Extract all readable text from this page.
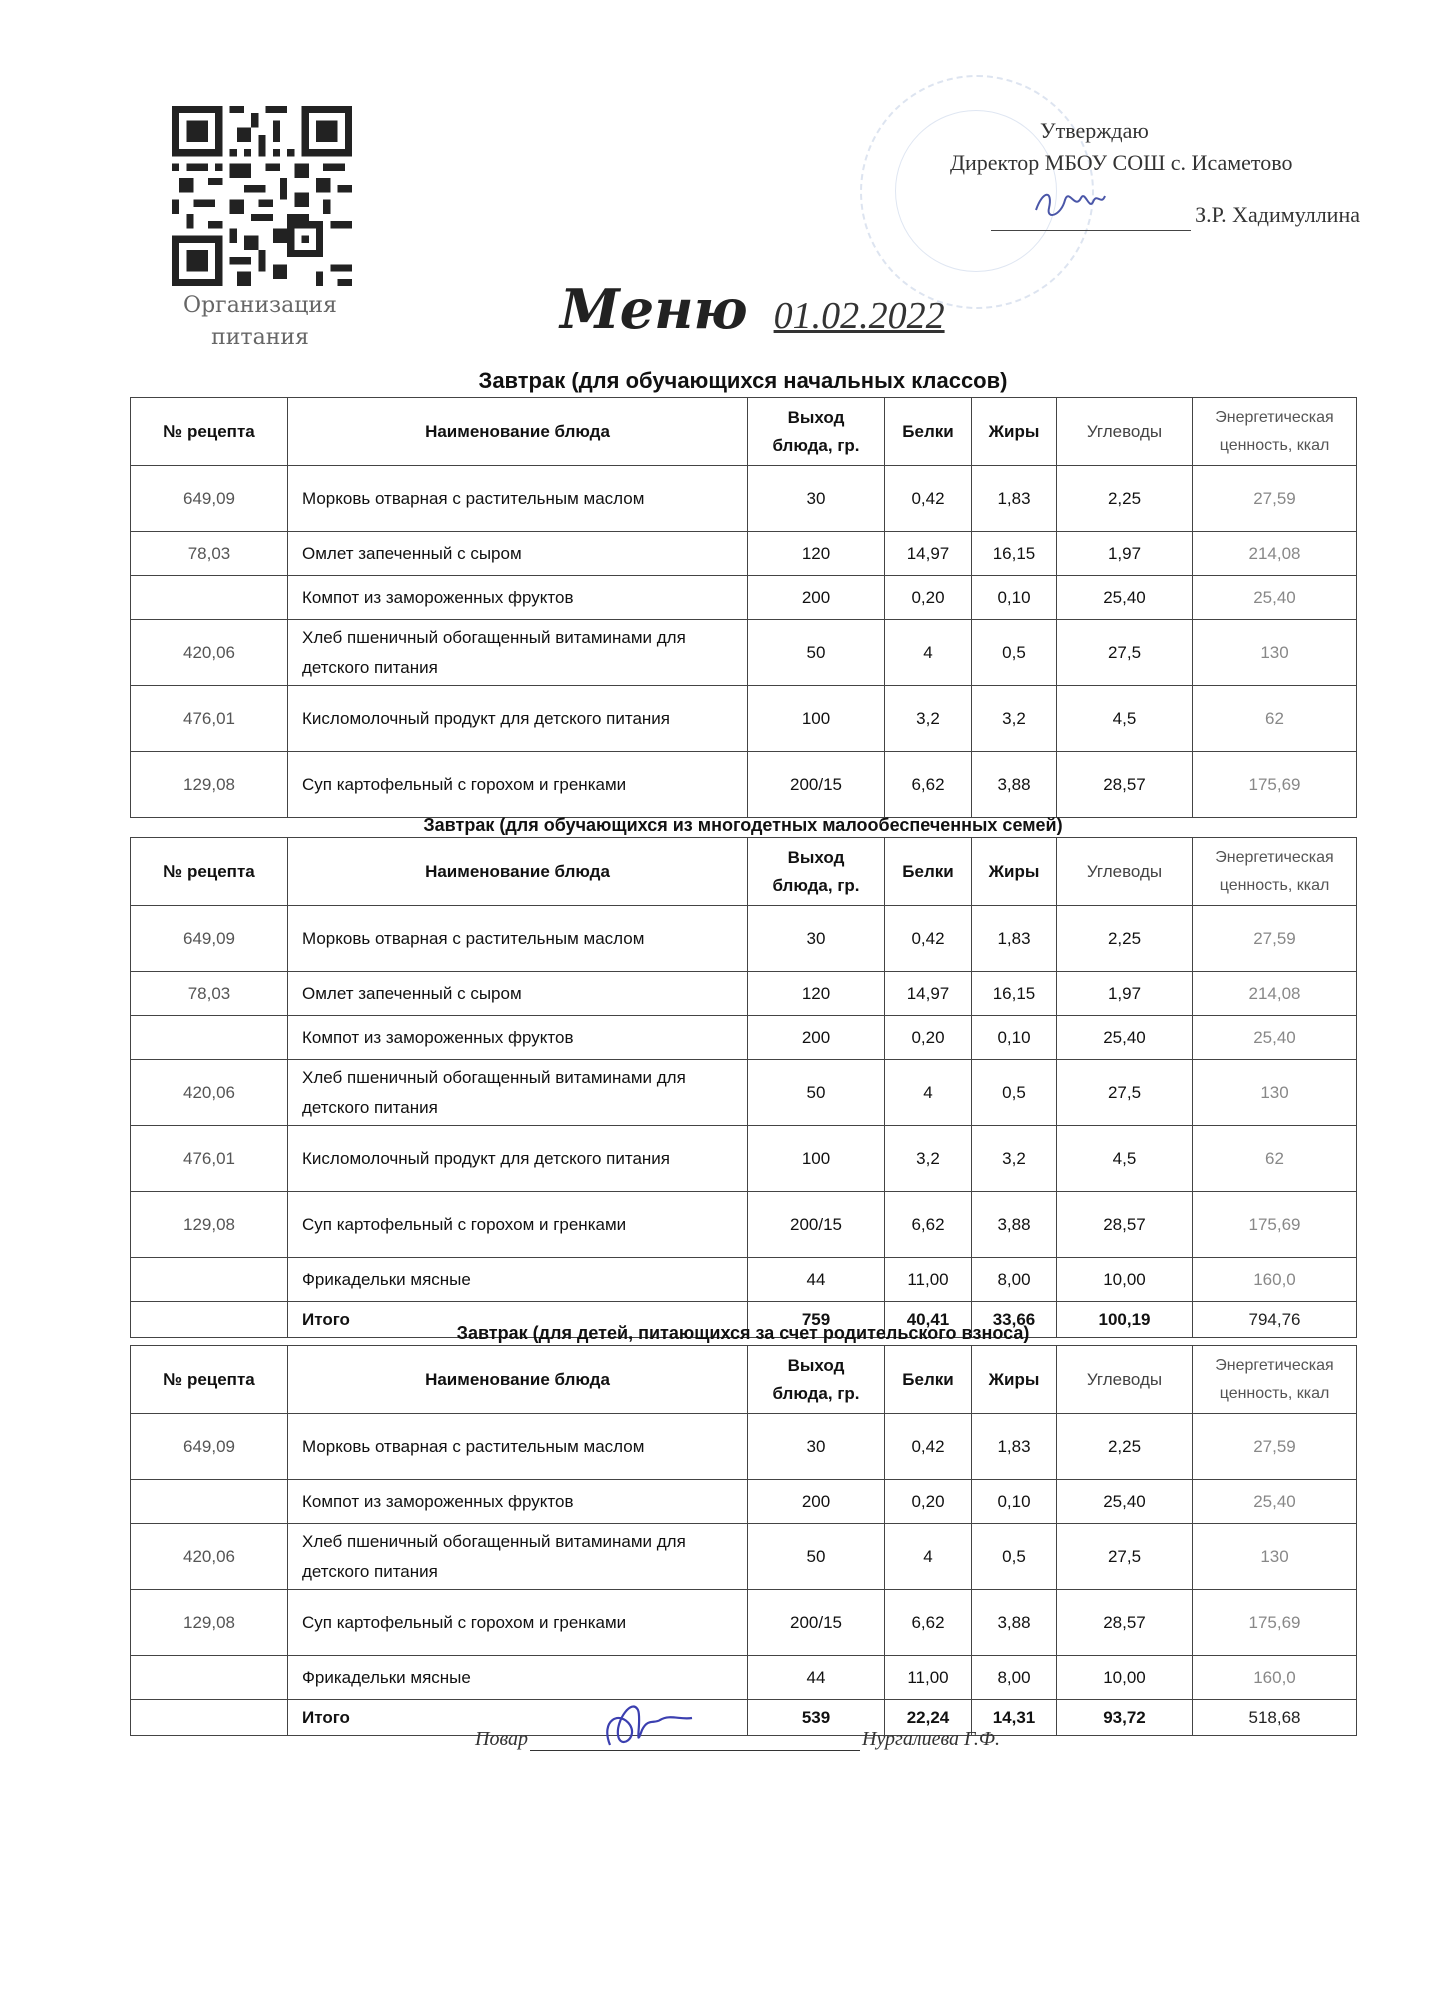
Организация питания
Утверждаю
Директор МБОУ СОШ с. Исаметово
З.Р. Хадимуллина
Меню 01.02.2022
Завтрак (для обучающихся начальных классов)
№ рецепта	Наименование блюда	Выход
блюда, гр.	Белки	Жиры	Углеводы	Энергетическая
ценность, ккал
649,09	Морковь отварная с растительным маслом	30	0,42	1,83	2,25	27,59
78,03	Омлет запеченный с сыром	120	14,97	16,15	1,97	214,08
	Компот из замороженных фруктов	200	0,20	0,10	25,40	25,40
420,06	Хлеб пшеничный обогащенный витаминами для детского питания	50	4	0,5	27,5	130
476,01	Кисломолочный продукт для детского питания	100	3,2	3,2	4,5	62
129,08	Суп картофельный с горохом и гренками	200/15	6,62	3,88	28,57	175,69
Завтрак (для обучающихся из многодетных малообеспеченных семей)
№ рецепта	Наименование блюда	Выход
блюда, гр.	Белки	Жиры	Углеводы	Энергетическая
ценность, ккал
649,09	Морковь отварная с растительным маслом	30	0,42	1,83	2,25	27,59
78,03	Омлет запеченный с сыром	120	14,97	16,15	1,97	214,08
	Компот из замороженных фруктов	200	0,20	0,10	25,40	25,40
420,06	Хлеб пшеничный обогащенный витаминами для детского питания	50	4	0,5	27,5	130
476,01	Кисломолочный продукт для детского питания	100	3,2	3,2	4,5	62
129,08	Суп картофельный с горохом и гренками	200/15	6,62	3,88	28,57	175,69
	Фрикадельки мясные	44	11,00	8,00	10,00	160,0
	Итого	759	40,41	33,66	100,19	794,76
Завтрак (для детей, питающихся за счет родительского взноса)
№ рецепта	Наименование блюда	Выход
блюда, гр.	Белки	Жиры	Углеводы	Энергетическая
ценность, ккал
649,09	Морковь отварная с растительным маслом	30	0,42	1,83	2,25	27,59
	Компот из замороженных фруктов	200	0,20	0,10	25,40	25,40
420,06	Хлеб пшеничный обогащенный витаминами для детского питания	50	4	0,5	27,5	130
129,08	Суп картофельный с горохом и гренками	200/15	6,62	3,88	28,57	175,69
	Фрикадельки мясные	44	11,00	8,00	10,00	160,0
	Итого	539	22,24	14,31	93,72	518,68
Повар	Нургалиева Г.Ф.
